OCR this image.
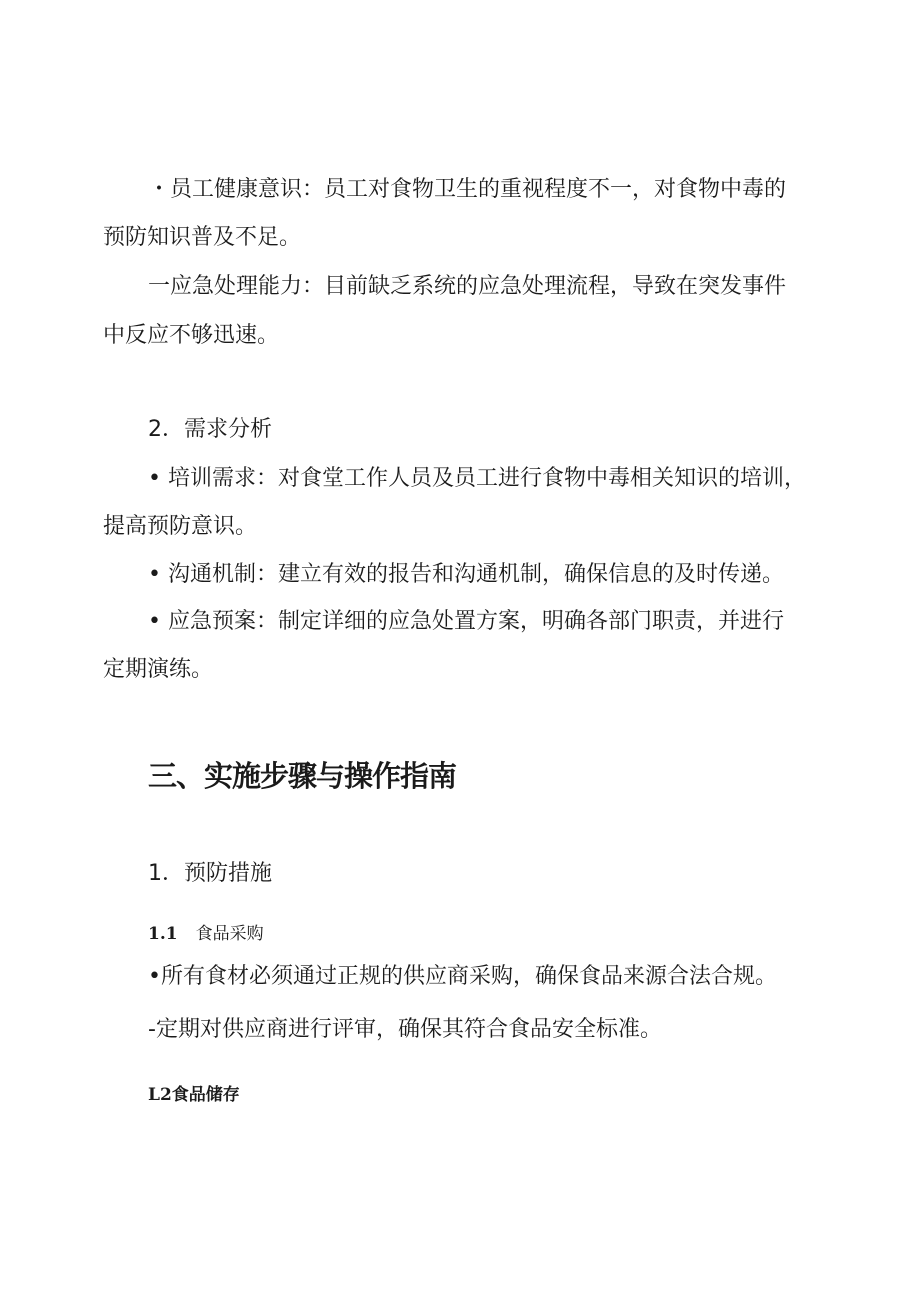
・员工健康意识：员工对食物卫生的重视程度不一，对食物中毒的

预防知识普及不足。

一应急处理能力：目前缺乏系统的应急处理流程，导致在突发事件

中反应不够迅速。

2．需求分析

• 培训需求：对食堂工作人员及员工进行食物中毒相关知识的培训，

提高预防意识。

• 沟通机制：建立有效的报告和沟通机制，确保信息的及时传递。

• 应急预案：制定详细的应急处置方案，明确各部门职责，并进行

定期演练。

三、实施步骤与操作指南

1．预防措施

1.1 食品采购

•所有食材必须通过正规的供应商采购，确保食品来源合法合规。

-定期对供应商进行评审，确保其符合食品安全标准。

L2食品储存
